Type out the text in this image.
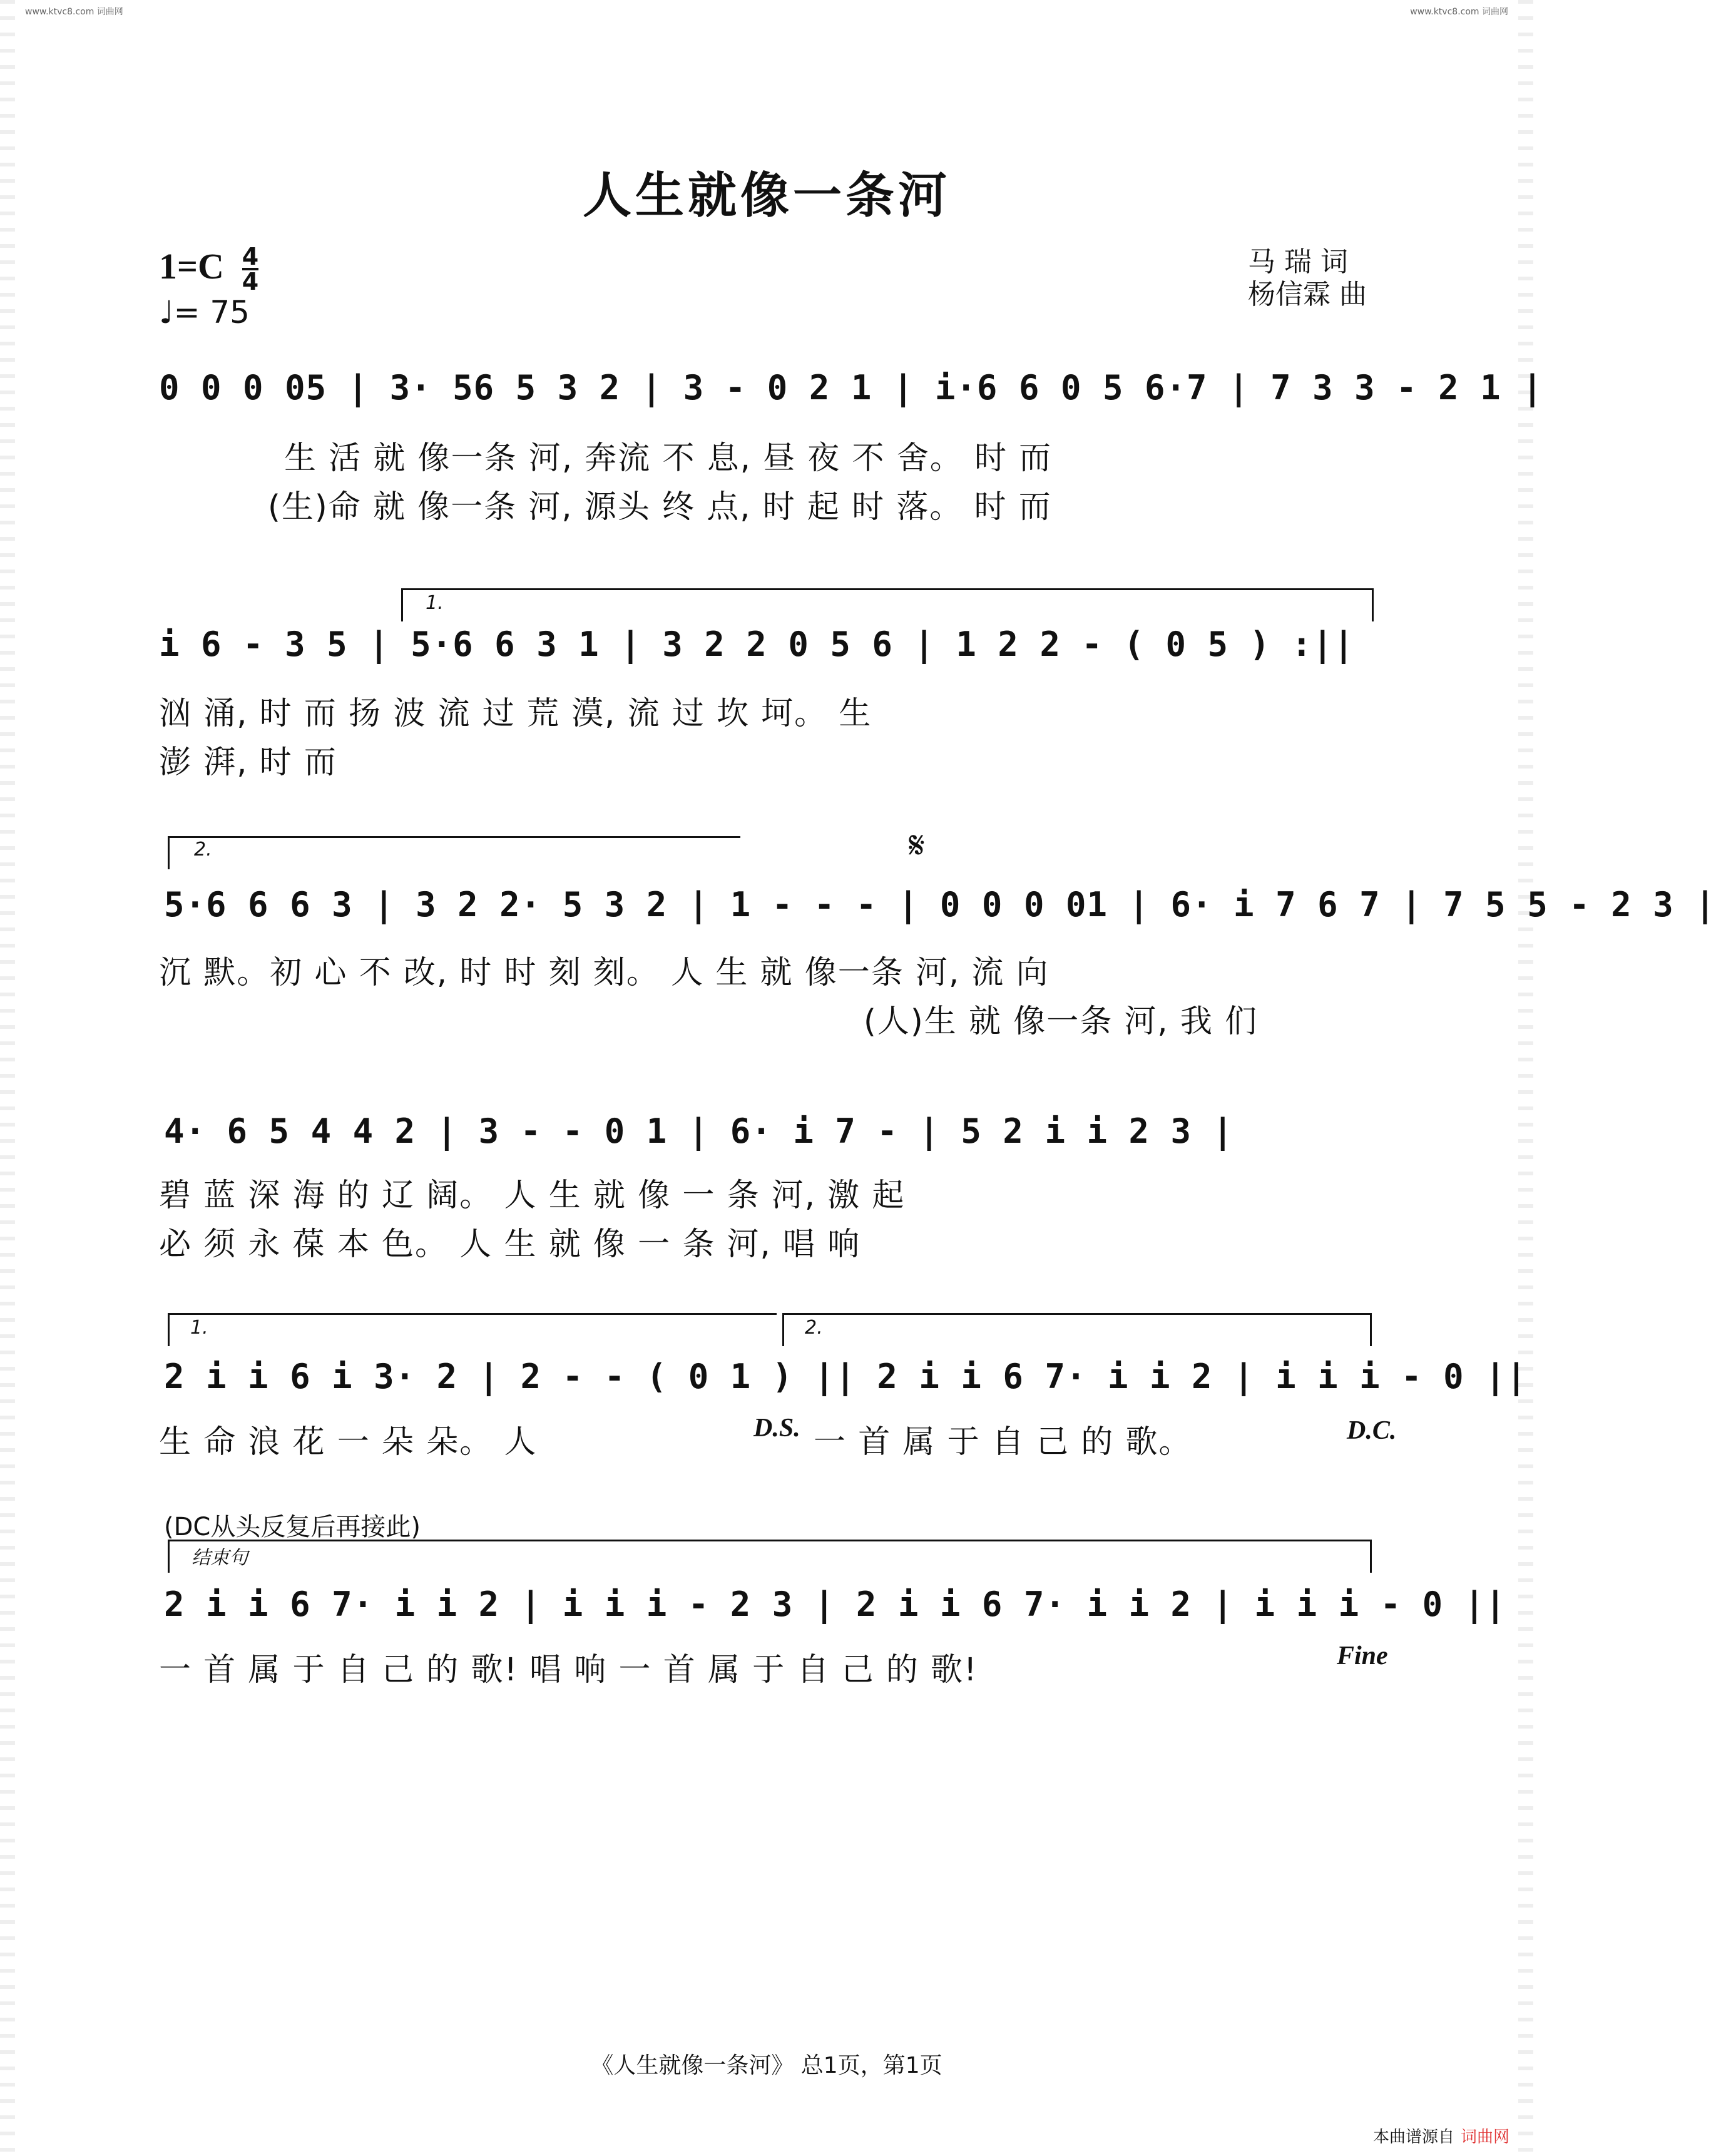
www.ktvc8.com 词曲网	www.ktvc8.com 词曲网
人生就像一条河
$1=C \frac{4}{4}$
♩= 75
马 瑞 词
杨信霖 曲
0 0 0 05 | 3· 56 5 3 2 | 3 - 0 2 1 | i·6 6 0 5 6·7 | 7 3 3 - 2 1 |
生 活 就 像一条 河, 奔流 不 息, 昼 夜 不 舍。 时 而
(生)命 就 像一条 河, 源头 终 点, 时 起 时 落。 时 而
1.
i 6 - 3 5 | 5·6 6 3 1 | 3 2 2 0 5 6 | 1 2 2 - ( 0 5 ) :||
汹 涌, 时 而 扬 波 流 过 荒 漠, 流 过 坎 坷。 生
澎 湃, 时 而
2.	𝄋
5·6 6 6 3 | 3 2 2· 5 3 2 | 1 - - - | 0 0 0 01 | 6· i 7 6 7 | 7 5 5 - 2 3 |
沉 默。初 心 不 改, 时 时 刻 刻。 人 生 就 像一条 河, 流 向
(人)生 就 像一条 河, 我 们
4· 6 5 4 4 2 | 3 - - 0 1 | 6· i 7 - | 5 2 i i 2 3 |
碧 蓝 深 海 的 辽 阔。 人 生 就 像 一 条 河, 激 起
必 须 永 葆 本 色。 人 生 就 像 一 条 河, 唱 响
1.	2.
2 i i 6 i 3· 2 | 2 - - ( 0 1 ) || 2 i i 6 7· i i 2 | i i i - 0 ||
生 命 浪 花 一 朵 朵。 人	D.S. 一 首 属 于 自 己 的 歌。	D.C.
(DC从头反复后再接此)
结束句
2 i i 6 7· i i 2 | i i i - 2 3 | 2 i i 6 7· i i 2 | i i i - 0 ||
一 首 属 于 自 己 的 歌! 唱 响 一 首 属 于 自 己 的 歌!	Fine
《人生就像一条河》 总1页，第1页
本曲谱源自 词曲网
